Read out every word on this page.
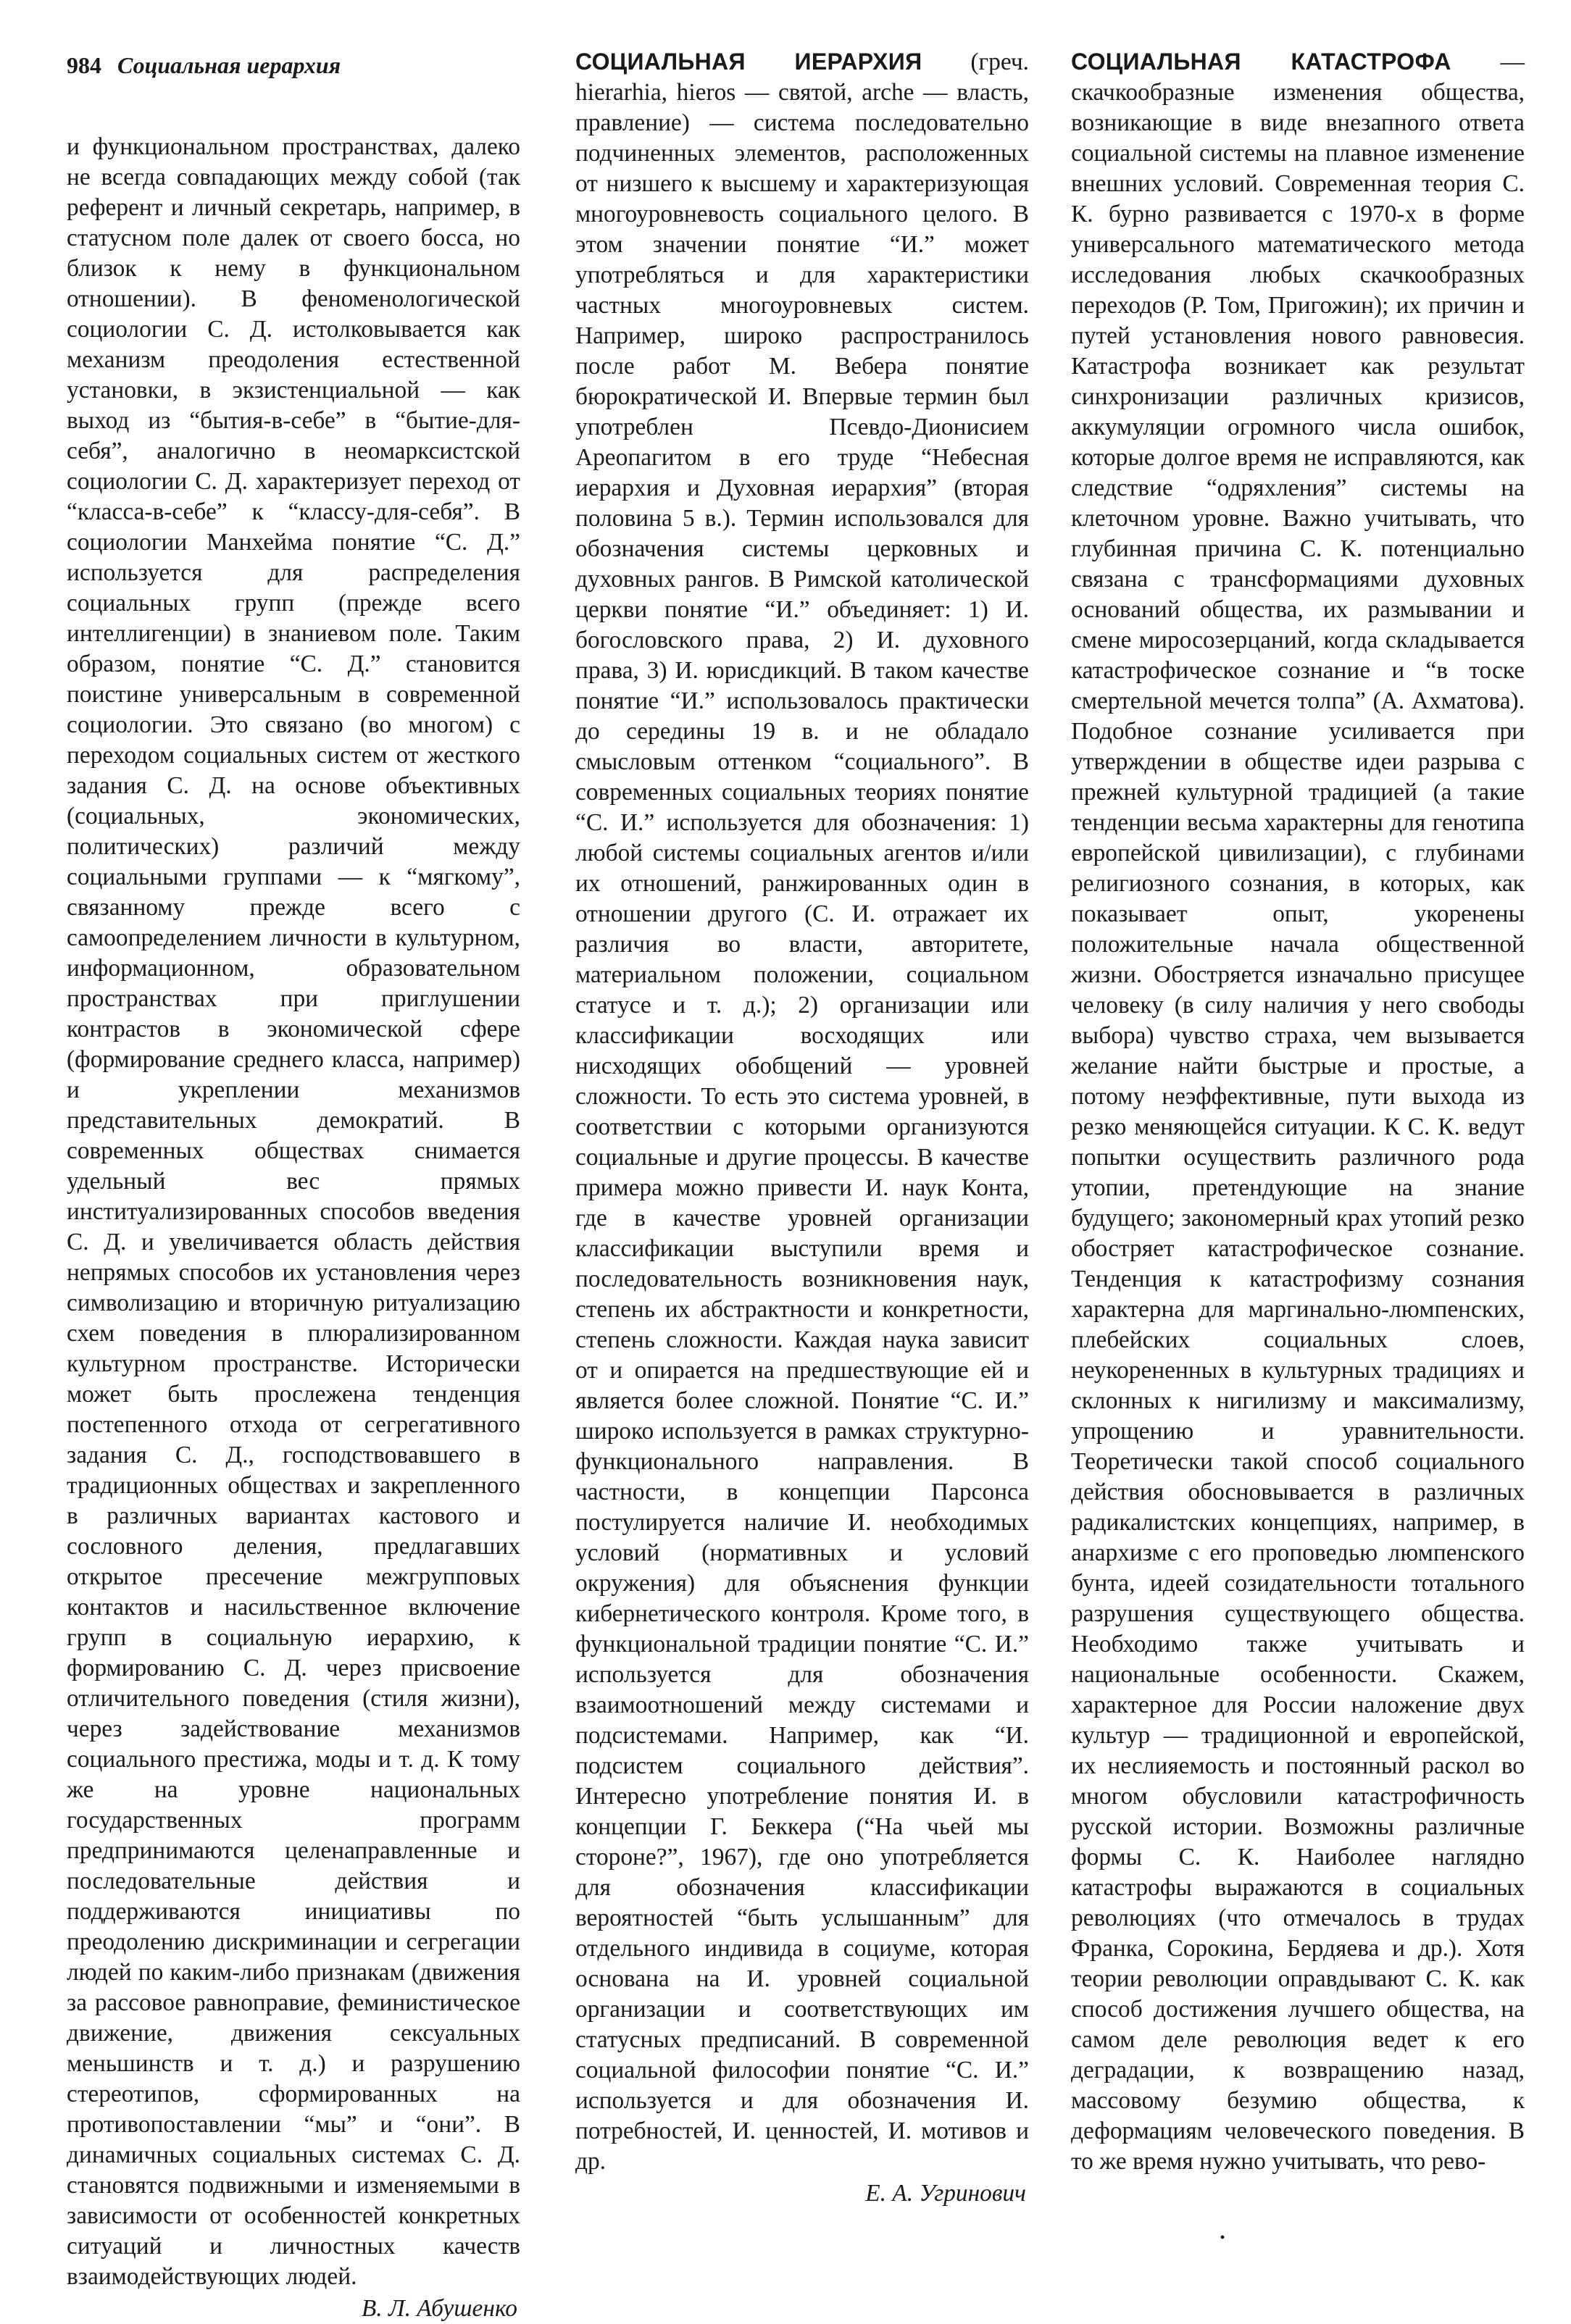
984 Социальная иерархия

и функциональном пространствах, далеко не всегда совпадающих между собой (так референт и личный секретарь, например, в статусном поле далек от своего босса, но близок к нему в функциональном отношении). В феноменологической социологии С. Д. истолковывается как механизм преодоления естественной установки, в экзистенциальной — как выход из “бытия-в-себе” в “бытие-для-себя”, аналогично в неомарксистской социологии С. Д. характеризует переход от “класса-в-себе” к “классу-для-себя”. В социологии Манхейма понятие “С. Д.” используется для распределения социальных групп (прежде всего интеллигенции) в знаниевом поле. Таким образом, понятие “С. Д.” становится поистине универсальным в современной социологии. Это связано (во многом) с переходом социальных систем от жесткого задания С. Д. на основе объективных (социальных, экономических, политических) различий между социальными группами — к “мягкому”, связанному прежде всего с самоопределением личности в культурном, информационном, образовательном пространствах при приглушении контрастов в экономической сфере (формирование среднего класса, например) и укреплении механизмов представительных демократий. В современных обществах снимается удельный вес прямых институализированных способов введения С. Д. и увеличивается область действия непрямых способов их установления через символизацию и вторичную ритуализацию схем поведения в плюрализированном культурном пространстве. Исторически может быть прослежена тенденция постепенного отхода от сегрегативного задания С. Д., господствовавшего в традиционных обществах и закрепленного в различных вариантах кастового и сословного деления, предлагавших открытое пресечение межгрупповых контактов и насильственное включение групп в социальную иерархию, к формированию С. Д. через присвоение отличительного поведения (стиля жизни), через задействование механизмов социального престижа, моды и т. д. К тому же на уровне национальных государственных программ предпринимаются целенаправленные и последовательные действия и поддерживаются инициативы по преодолению дискриминации и сегрегации людей по каким-либо признакам (движения за рассовое равноправие, феминистическое движение, движения сексуальных меньшинств и т. д.) и разрушению стереотипов, сформированных на противопоставлении “мы” и “они”. В динамичных социальных системах С. Д. становятся подвижными и изменяемыми в зависимости от особенностей конкретных ситуаций и личностных качеств взаимодействующих людей.

В. Л. Абушенко

СОЦИАЛЬНАЯ ИЕРАРХИЯ (греч. hierarhia, hieros — святой, arche — власть, правление) — система последовательно подчиненных элементов, расположенных от низшего к высшему и характеризующая многоуровневость социального целого. В этом значении понятие “И.” может употребляться и для характеристики частных многоуровневых систем. Например, широко распространилось после работ М. Вебера понятие бюрократической И. Впервые термин был употреблен Псевдо-Дионисием Ареопагитом в его труде “Небесная иерархия и Духовная иерархия” (вторая половина 5 в.). Термин использовался для обозначения системы церковных и духовных рангов. В Римской католической церкви понятие “И.” объединяет: 1) И. богословского права, 2) И. духовного права, 3) И. юрисдикций. В таком качестве понятие “И.” использовалось практически до середины 19 в. и не обладало смысловым оттенком “социального”. В современных социальных теориях понятие “С. И.” используется для обозначения: 1) любой системы социальных агентов и/или их отношений, ранжированных один в отношении другого (С. И. отражает их различия во власти, авторитете, материальном положении, социальном статусе и т. д.); 2) организации или классификации восходящих или нисходящих обобщений — уровней сложности. То есть это система уровней, в соответствии с которыми организуются социальные и другие процессы. В качестве примера можно привести И. наук Конта, где в качестве уровней организации классификации выступили время и последовательность возникновения наук, степень их абстрактности и конкретности, степень сложности. Каждая наука зависит от и опирается на предшествующие ей и является более сложной. Понятие “С. И.” широко используется в рамках структурно-функционального направления. В частности, в концепции Парсонса постулируется наличие И. необходимых условий (нормативных и условий окружения) для объяснения функции кибернетического контроля. Кроме того, в функциональной традиции понятие “С. И.” используется для обозначения взаимоотношений между системами и подсистемами. Например, как “И. подсистем социального действия”. Интересно употребление понятия И. в концепции Г. Беккера (“На чьей мы стороне?”, 1967), где оно употребляется для обозначения классификации вероятностей “быть услышанным” для отдельного индивида в социуме, которая основана на И. уровней социальной организации и соответствующих им статусных предписаний. В современной социальной философии понятие “С. И.” используется и для обозначения И. потребностей, И. ценностей, И. мотивов и др.

Е. А. Угринович

СОЦИАЛЬНАЯ КАТАСТРОФА — скачкообразные изменения общества, возникающие в виде внезапного ответа социальной системы на плавное изменение внешних условий. Современная теория С. К. бурно развивается с 1970-х в форме универсального математического метода исследования любых скачкообразных переходов (Р. Том, Пригожин); их причин и путей установления нового равновесия. Катастрофа возникает как результат синхронизации различных кризисов, аккумуляции огромного числа ошибок, которые долгое время не исправляются, как следствие “одряхления” системы на клеточном уровне. Важно учитывать, что глубинная причина С. К. потенциально связана с трансформациями духовных оснований общества, их размывании и смене миросозерцаний, когда складывается катастрофическое сознание и “в тоске смертельной мечется толпа” (А. Ахматова). Подобное сознание усиливается при утверждении в обществе идеи разрыва с прежней культурной традицией (а такие тенденции весьма характерны для генотипа европейской цивилизации), с глубинами религиозного сознания, в которых, как показывает опыт, укоренены положительные начала общественной жизни. Обостряется изначально присущее человеку (в силу наличия у него свободы выбора) чувство страха, чем вызывается желание найти быстрые и простые, а потому неэффективные, пути выхода из резко меняющейся ситуации. К С. К. ведут попытки осуществить различного рода утопии, претендующие на знание будущего; закономерный крах утопий резко обостряет катастрофическое сознание. Тенденция к катастрофизму сознания характерна для маргинально-люмпенских, плебейских социальных слоев, неукорененных в культурных традициях и склонных к нигилизму и максимализму, упрощению и уравнительности. Теоретически такой способ социального действия обосновывается в различных радикалистских концепциях, например, в анархизме с его проповедью люмпенского бунта, идеей созидательности тотального разрушения существующего общества. Необходимо также учитывать и национальные особенности. Скажем, характерное для России наложение двух культур — традиционной и европейской, их неслияемость и постоянный раскол во многом обусловили катастрофичность русской истории. Возможны различные формы С. К. Наиболее наглядно катастрофы выражаются в социальных революциях (что отмечалось в трудах Франка, Сорокина, Бердяева и др.). Хотя теории революции оправдывают С. К. как способ достижения лучшего общества, на самом деле революция ведет к его деградации, к возвращению назад, массовому безумию общества, к деформациям человеческого поведения. В то же время нужно учитывать, что рево-

·
